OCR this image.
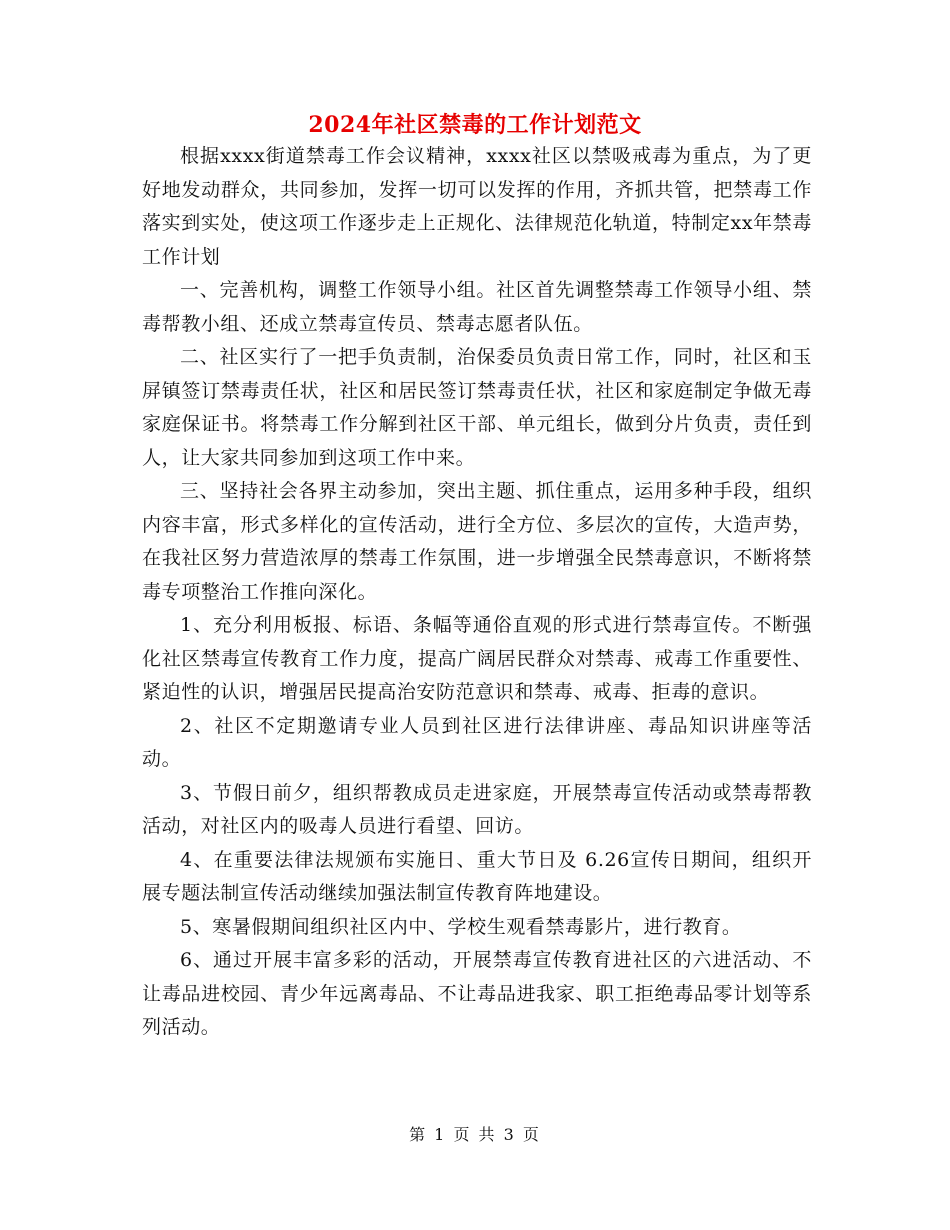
2024年社区禁毒的工作计划范文

根据xxxx街道禁毒工作会议精神，xxxx社区以禁吸戒毒为重点，为了更好地发动群众，共同参加，发挥一切可以发挥的作用，齐抓共管，把禁毒工作落实到实处，使这项工作逐步走上正规化、法律规范化轨道，特制定xx年禁毒工作计划

一、完善机构，调整工作领导小组。社区首先调整禁毒工作领导小组、禁毒帮教小组、还成立禁毒宣传员、禁毒志愿者队伍。

二、社区实行了一把手负责制，治保委员负责日常工作，同时，社区和玉屏镇签订禁毒责任状，社区和居民签订禁毒责任状，社区和家庭制定争做无毒家庭保证书。将禁毒工作分解到社区干部、单元组长，做到分片负责，责任到人，让大家共同参加到这项工作中来。

三、坚持社会各界主动参加，突出主题、抓住重点，运用多种手段，组织内容丰富，形式多样化的宣传活动，进行全方位、多层次的宣传，大造声势，在我社区努力营造浓厚的禁毒工作氛围，进一步增强全民禁毒意识，不断将禁毒专项整治工作推向深化。

1、充分利用板报、标语、条幅等通俗直观的形式进行禁毒宣传。不断强化社区禁毒宣传教育工作力度，提高广阔居民群众对禁毒、戒毒工作重要性、紧迫性的认识，增强居民提高治安防范意识和禁毒、戒毒、拒毒的意识。

2、社区不定期邀请专业人员到社区进行法律讲座、毒品知识讲座等活动。

3、节假日前夕，组织帮教成员走进家庭，开展禁毒宣传活动或禁毒帮教活动，对社区内的吸毒人员进行看望、回访。

4、在重要法律法规颁布实施日、重大节日及 6.26宣传日期间，组织开展专题法制宣传活动继续加强法制宣传教育阵地建设。

5、寒暑假期间组织社区内中、学校生观看禁毒影片，进行教育。

6、通过开展丰富多彩的活动，开展禁毒宣传教育进社区的六进活动、不让毒品进校园、青少年远离毒品、不让毒品进我家、职工拒绝毒品零计划等系列活动。

第 1 页 共 3 页
